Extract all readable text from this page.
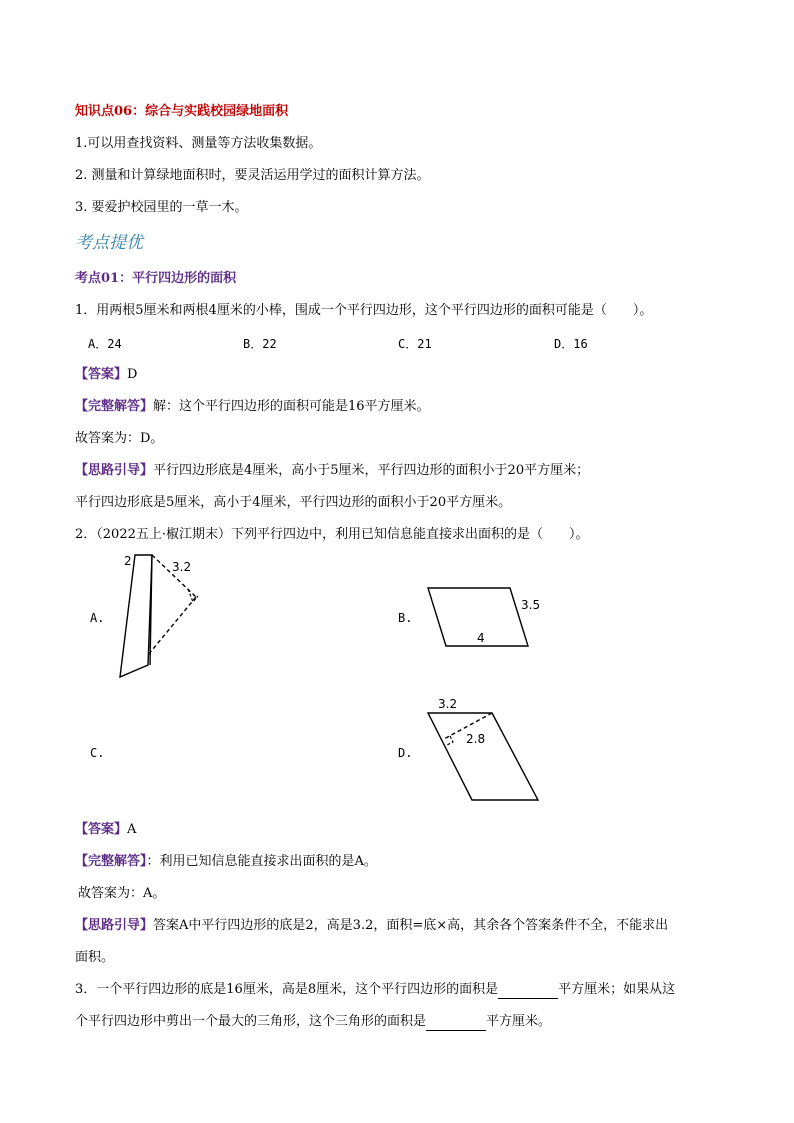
知识点06：综合与实践校园绿地面积
1.可以用查找资料、测量等方法收集数据。
2. 测量和计算绿地面积时，要灵活运用学过的面积计算方法。
3. 要爱护校园里的一草一木。
考点提优
考点01：平行四边形的面积
1．用两根5厘米和两根4厘米的小棒，围成一个平行四边形，这个平行四边形的面积可能是（　　）。
A．24	B．22	C．21	D．16
【答案】D
【完整解答】解：这个平行四边形的面积可能是16平方厘米。
故答案为：D。
【思路引导】平行四边形底是4厘米，高小于5厘米，平行四边形的面积小于20平方厘米；
平行四边形底是5厘米，高小于4厘米，平行四边形的面积小于20平方厘米。
2．（2022五上·椒江期末）下列平行四边中，利用已知信息能直接求出面积的是（　　）。
A.	B.
C.	D.
2	3.2
3.5
4
3.2
2.8
【答案】A
【完整解答】：利用已知信息能直接求出面积的是A。
故答案为：A。
【思路引导】答案A中平行四边形的底是2，高是3.2，面积=底×高，其余各个答案条件不全，不能求出
面积。
3．一个平行四边形的底是16厘米，高是8厘米，这个平行四边形的面积是	平方厘米；如果从这
个平行四边形中剪出一个最大的三角形，这个三角形的面积是	平方厘米。
